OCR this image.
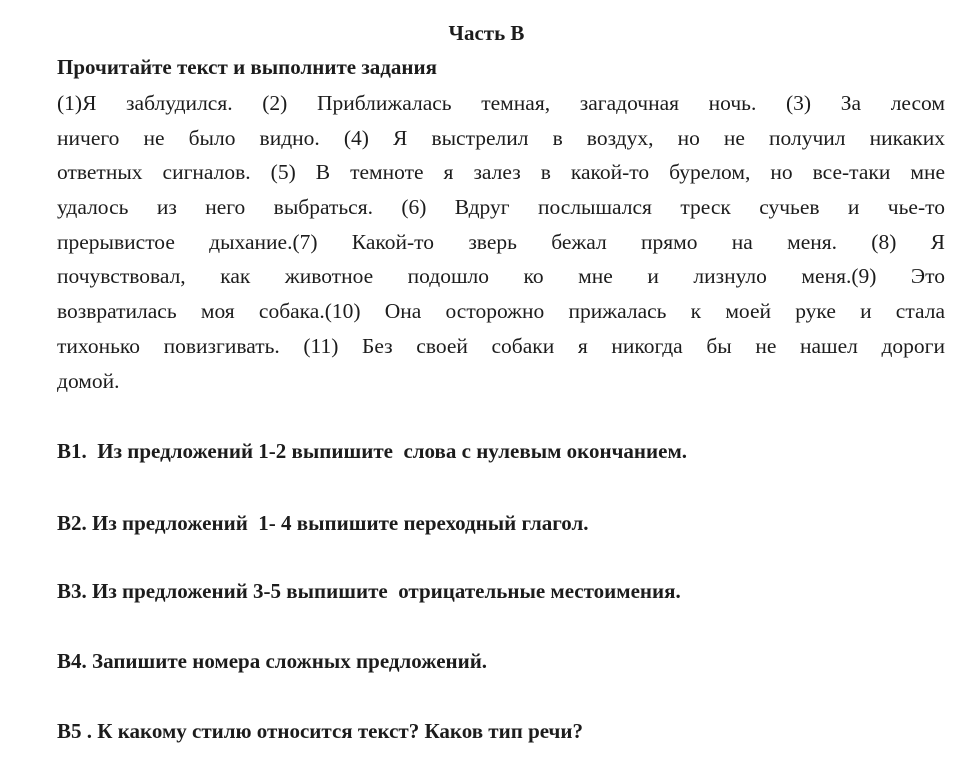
Часть В
Прочитайте текст и выполните задания
(1)Я заблудился. (2) Приближалась темная, загадочная ночь. (3) За лесом
ничего не было видно. (4) Я выстрелил в воздух, но не получил никаких
ответных сигналов. (5) В темноте я залез в какой-то бурелом, но все-таки мне
удалось из него выбраться. (6) Вдруг послышался треск сучьев и чье-то
прерывистое дыхание.(7) Какой-то зверь бежал прямо на меня. (8) Я
почувствовал, как животное подошло ко мне и лизнуло меня.(9) Это
возвратилась моя собака.(10) Она осторожно прижалась к моей руке и стала
тихонько повизгивать. (11) Без своей собаки я никогда бы не нашел дороги
домой.
В1.  Из предложений 1-2 выпишите  слова с нулевым окончанием.
В2. Из предложений  1- 4 выпишите переходный глагол.
В3. Из предложений 3-5 выпишите  отрицательные местоимения.
В4. Запишите номера сложных предложений.
В5 . К какому стилю относится текст? Каков тип речи?
